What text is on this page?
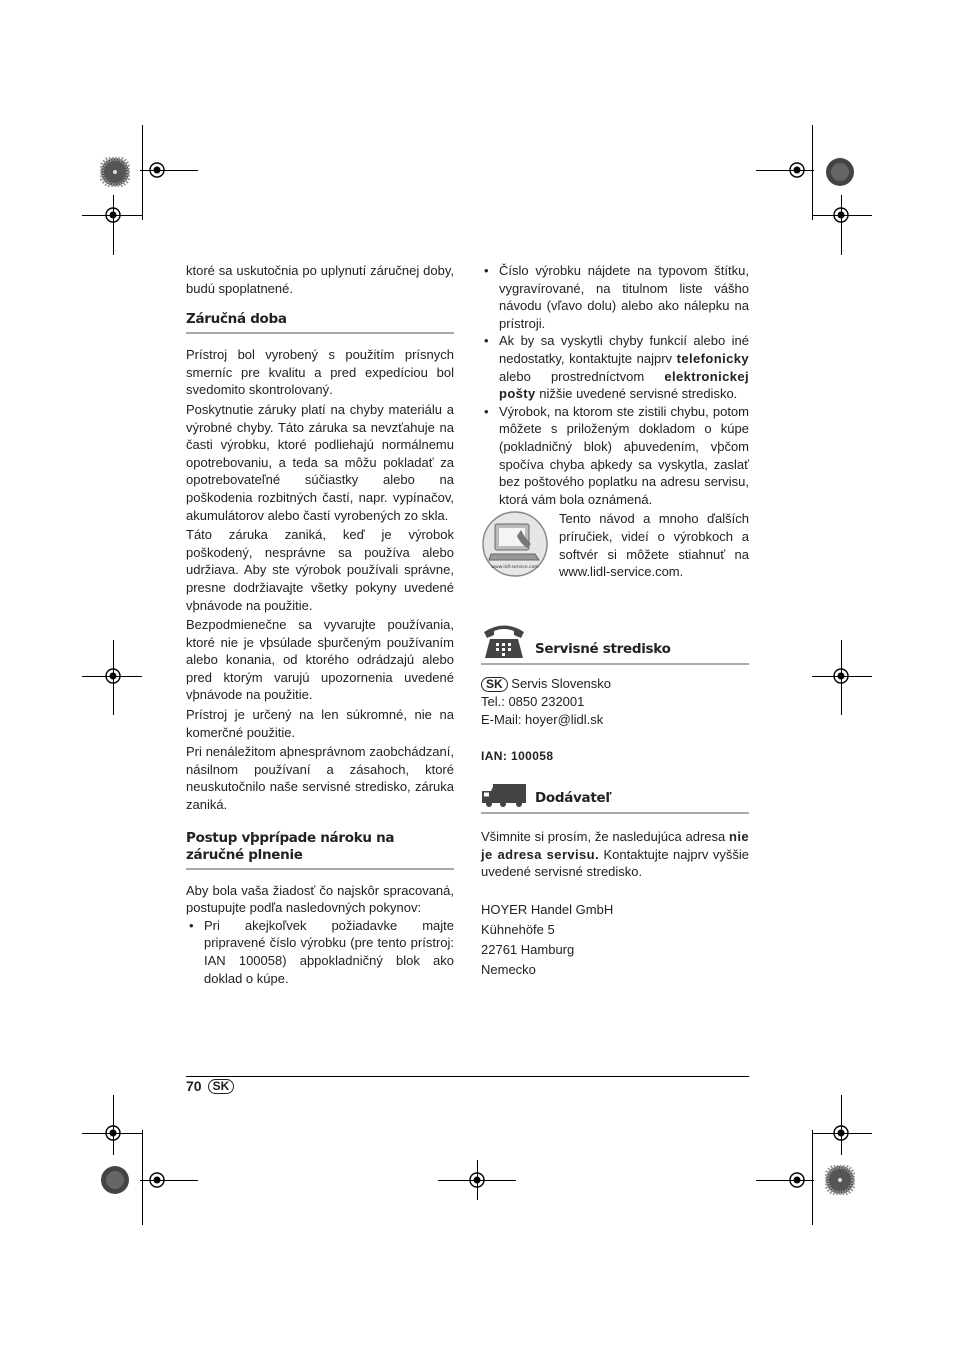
ktoré sa uskutočnia po uplynutí záručnej doby, budú spoplatnené.

Záručná doba

Prístroj bol vyrobený s použitím prísnych smerníc pre kvalitu a pred expedíciou bol svedomito skontrolovaný.

Poskytnutie záruky platí na chyby materiálu a výrobné chyby. Táto záruka sa nevzťahuje na časti výrobku, ktoré podliehajú normálnemu opotrebovaniu, a teda sa môžu pokladať za opotrebovateľné súčiastky alebo na poškodenia rozbitných častí, napr. vypínačov, akumulátorov alebo častí vyrobených zo skla.

Táto záruka zaniká, keď je výrobok poškodený, nesprávne sa používa alebo udržiava. Aby ste výrobok používali správne, presne dodržiavajte všetky pokyny uvedené vþnávode na použitie.

Bezpodmienečne sa vyvarujte používania, ktoré nie je vþsúlade sþurčeným používaním alebo konania, od ktorého odrádzajú alebo pred ktorým varujú upozornenia uvedené vþnávode na použitie.

Prístroj je určený na len súkromné, nie na komerčné použitie.

Pri nenáležitom aþnesprávnom zaobchádzaní, násilnom používaní a zásahoch, ktoré neuskutočnilo naše servisné stredisko, záruka zaniká.

Postup vþprípade nároku na záručné plnenie

Aby bola vaša žiadosť čo najskôr spracovaná, postupujte podľa nasledovných pokynov:

• Pri akejkoľvek požiadavke majte pripravené číslo výrobku (pre tento prístroj: IAN 100058) aþpokladničný blok ako doklad o kúpe.
• Číslo výrobku nájdete na typovom štítku, vygravírované, na titulnom liste vášho návodu (vľavo dolu) alebo ako nálepku na prístroji.
• Ak by sa vyskytli chyby funkcií alebo iné nedostatky, kontaktujte najprv telefonicky alebo prostredníctvom elektronickej pošty nižšie uvedené servisné stredisko.
• Výrobok, na ktorom ste zistili chybu, potom môžete s priloženým dokladom o kúpe (pokladničný blok) aþuvedením, vþčom spočíva chyba aþkedy sa vyskytla, zaslať bez poštového poplatku na adresu servisu, ktorá vám bola oznámená.
www.lidl-service.com

Tento návod a mnoho ďalších príručiek, videí o výrobkoch a softvér si môžete stiahnuť na www.lidl-service.com.

Servisné stredisko
SK Servis Slovensko
Tel.: 0850 232001
E-Mail: hoyer@lidl.sk
IAN: 100058
Dodávateľ

Všimnite si prosím, že nasledujúca adresa nie je adresa servisu. Kontaktujte najprv vyššie uvedené servisné stredisko.

HOYER Handel GmbH
Kühnehöfe 5
22761 Hamburg
Nemecko
70 SK
